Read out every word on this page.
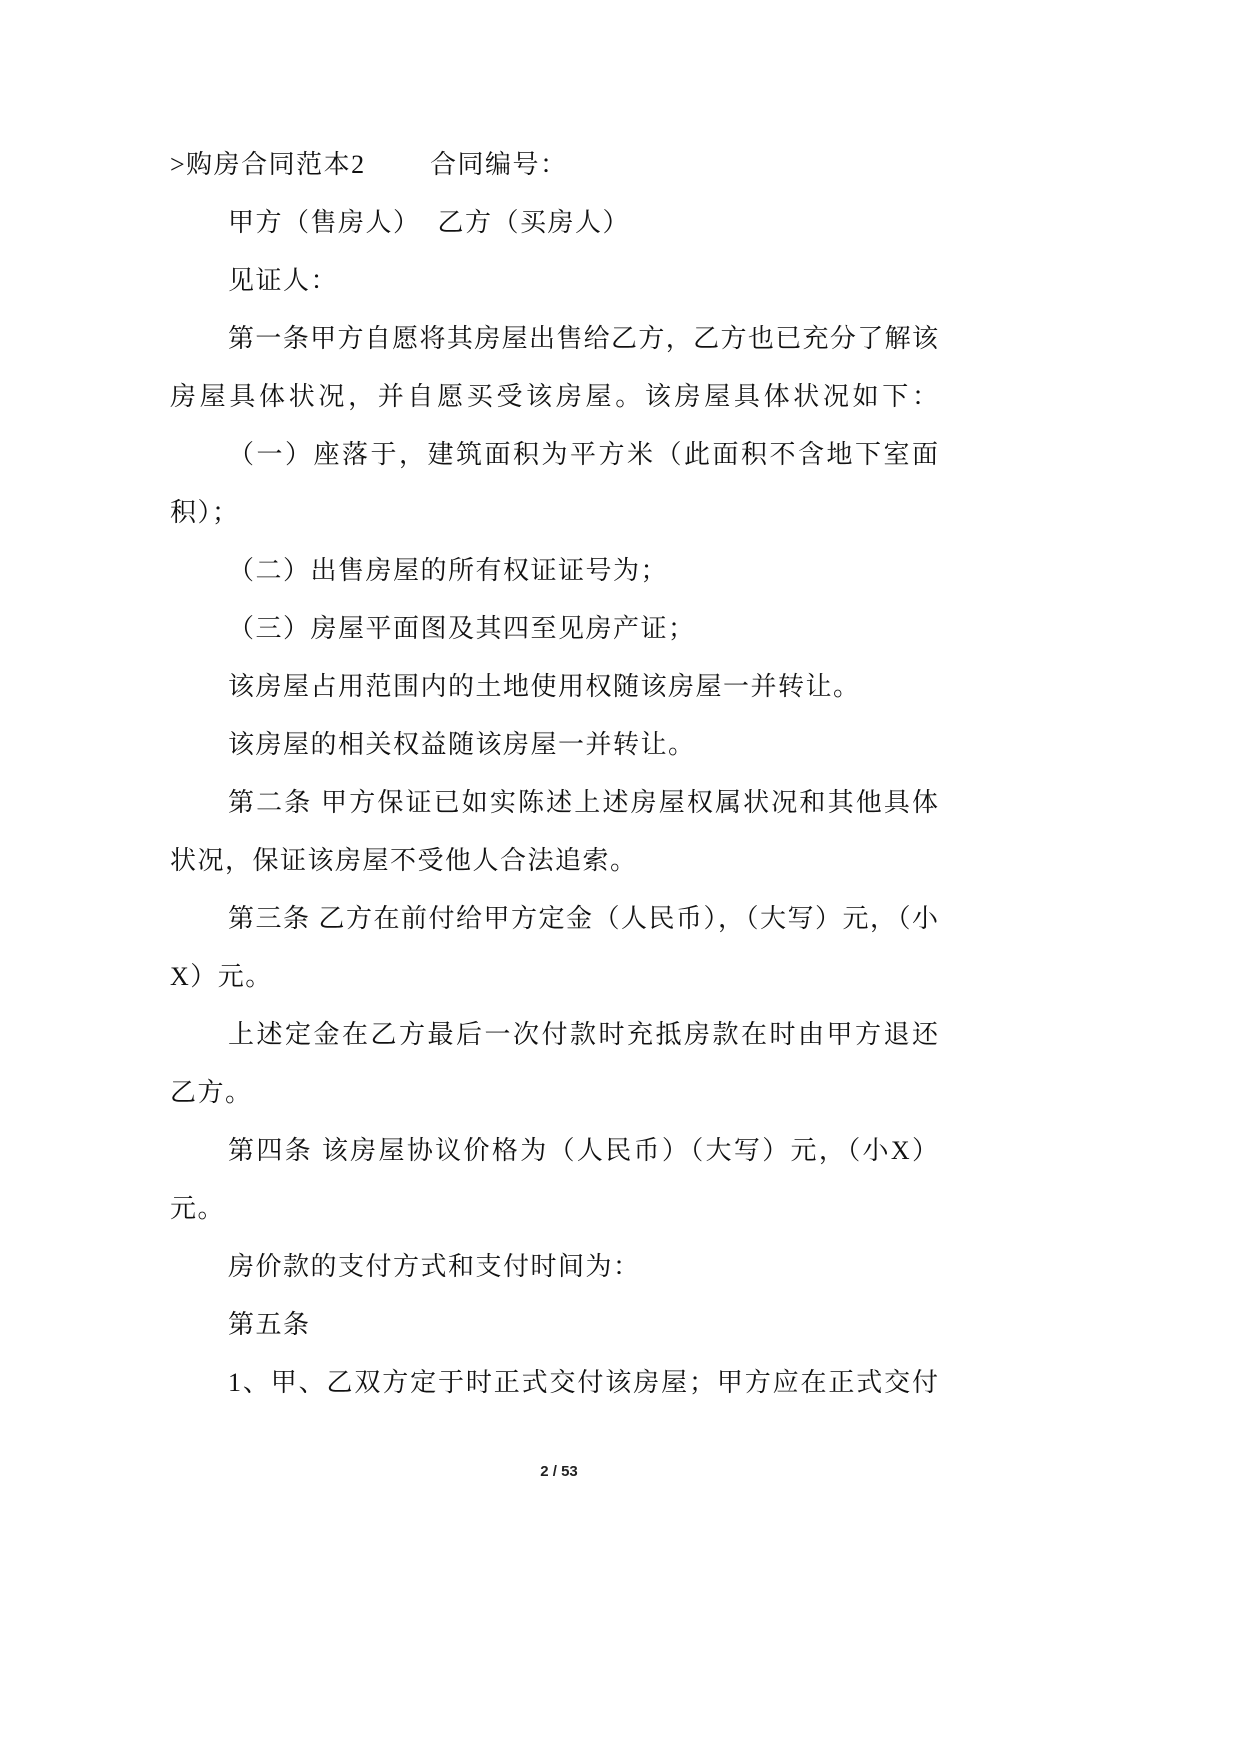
>购房合同范本2 合同编号：
甲方（售房人） 乙方（买房人）
见证人：
第一条甲方自愿将其房屋出售给乙方，乙方也已充分了解该
房屋具体状况，并自愿买受该房屋。该房屋具体状况如下：
（一）座落于，建筑面积为平方米（此面积不含地下室面
积）；
（二）出售房屋的所有权证证号为；
（三）房屋平面图及其四至见房产证；
该房屋占用范围内的土地使用权随该房屋一并转让。
该房屋的相关权益随该房屋一并转让。
第二条 甲方保证已如实陈述上述房屋权属状况和其他具体
状况，保证该房屋不受他人合法追索。
第三条 乙方在前付给甲方定金（人民币），（大写）元，（小
X）元。
上述定金在乙方最后一次付款时充抵房款在时由甲方退还
乙方。
第四条 该房屋协议价格为（人民币）（大写）元，（小X）
元。
房价款的支付方式和支付时间为：
第五条
1、甲、乙双方定于时正式交付该房屋；甲方应在正式交付
2 / 53
